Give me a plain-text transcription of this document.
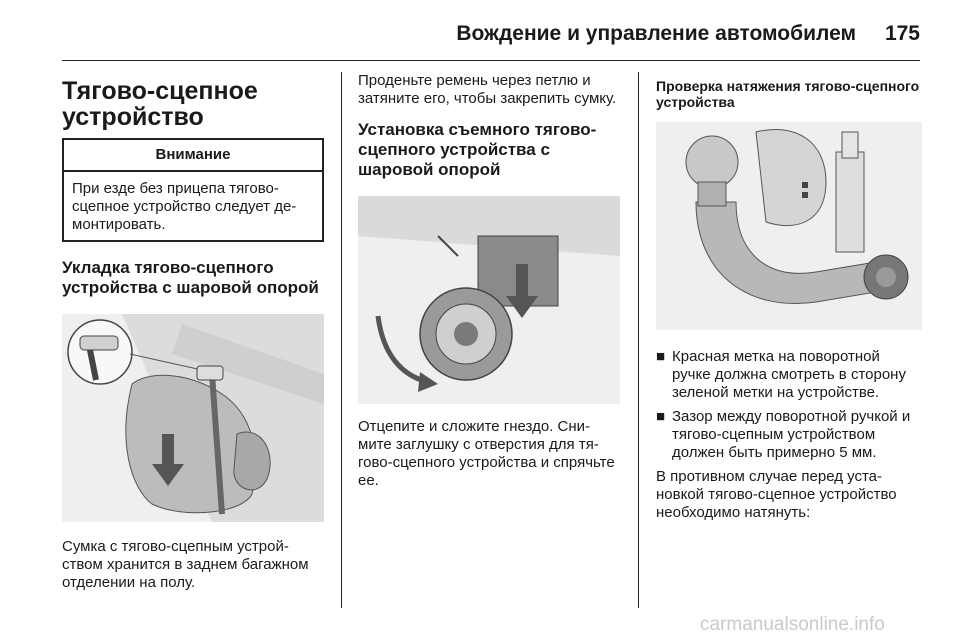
Вождение и управление автомобилем 175
Тягово-сцепное устройство
Внимание
При езде без прицепа тягово-сцепное устройство следует де-монтировать.
Укладка тягово-сцепного устройства с шаровой опорой

Сумка с тягово-сцепным устрой-ством хранится в заднем багажном отделении на полу.

Проденьте ремень через петлю и затяните его, чтобы закрепить сумку.

Установка съемного тягово-сцепного устройства с шаровой опорой

Отцепите и сложите гнездо. Сни-мите заглушку с отверстия для тя-гово-сцепного устройства и спрячьте ее.

Проверка натяжения тягово-сцепного устройства
■ Красная метка на поворотной ручке должна смотреть в сторону зеленой метки на устройстве.
■ Зазор между поворотной ручкой и тягово-сцепным устройством должен быть примерно 5 мм.

В противном случае перед уста-новкой тягово-сцепное устройство необходимо натянуть:

carmanualsonline.info
